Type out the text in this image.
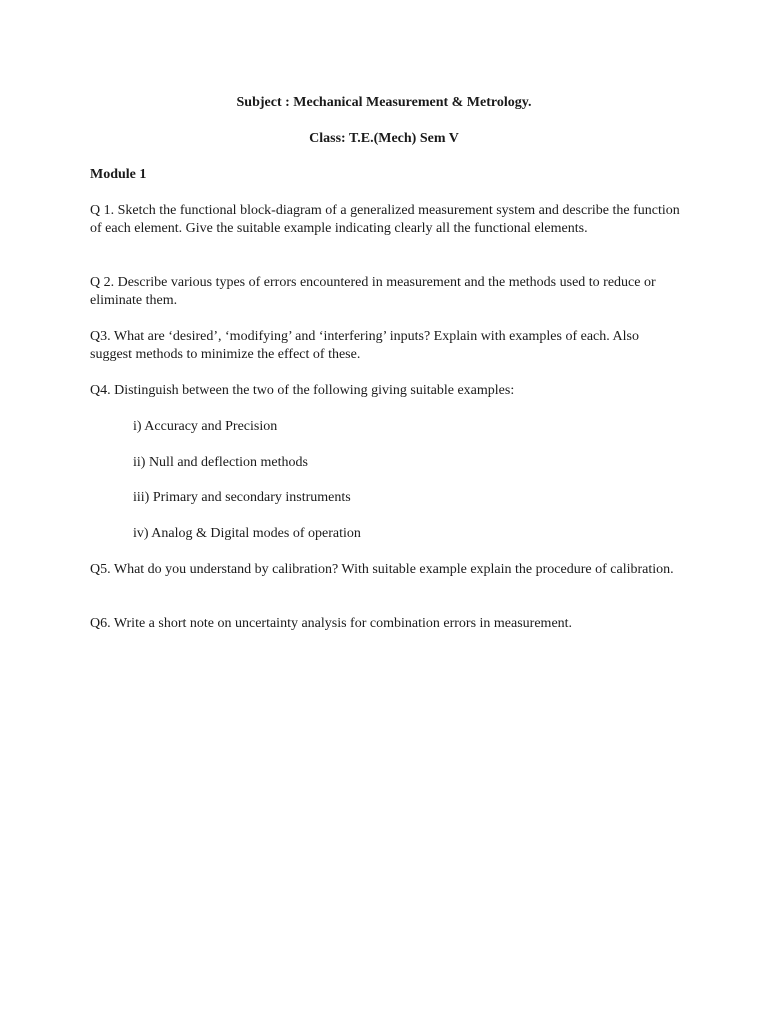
Subject : Mechanical Measurement & Metrology.
Class: T.E.(Mech) Sem V
Module 1
Q 1. Sketch the functional block-diagram of a generalized measurement system and describe the function of each element. Give the suitable example indicating clearly all the functional elements.
Q 2. Describe various types of errors encountered in measurement and the methods used to reduce or eliminate them.
Q3. What are ‘desired’, ‘modifying’ and ‘interfering’ inputs? Explain with examples of each. Also suggest methods to minimize the effect of these.
Q4. Distinguish between the two of the following giving suitable examples:
i) Accuracy and Precision
ii) Null and deflection methods
iii) Primary and secondary instruments
iv) Analog & Digital modes of operation
Q5. What do you understand by calibration? With suitable example explain the procedure of calibration.
Q6. Write a short note on uncertainty analysis for combination errors in measurement.
